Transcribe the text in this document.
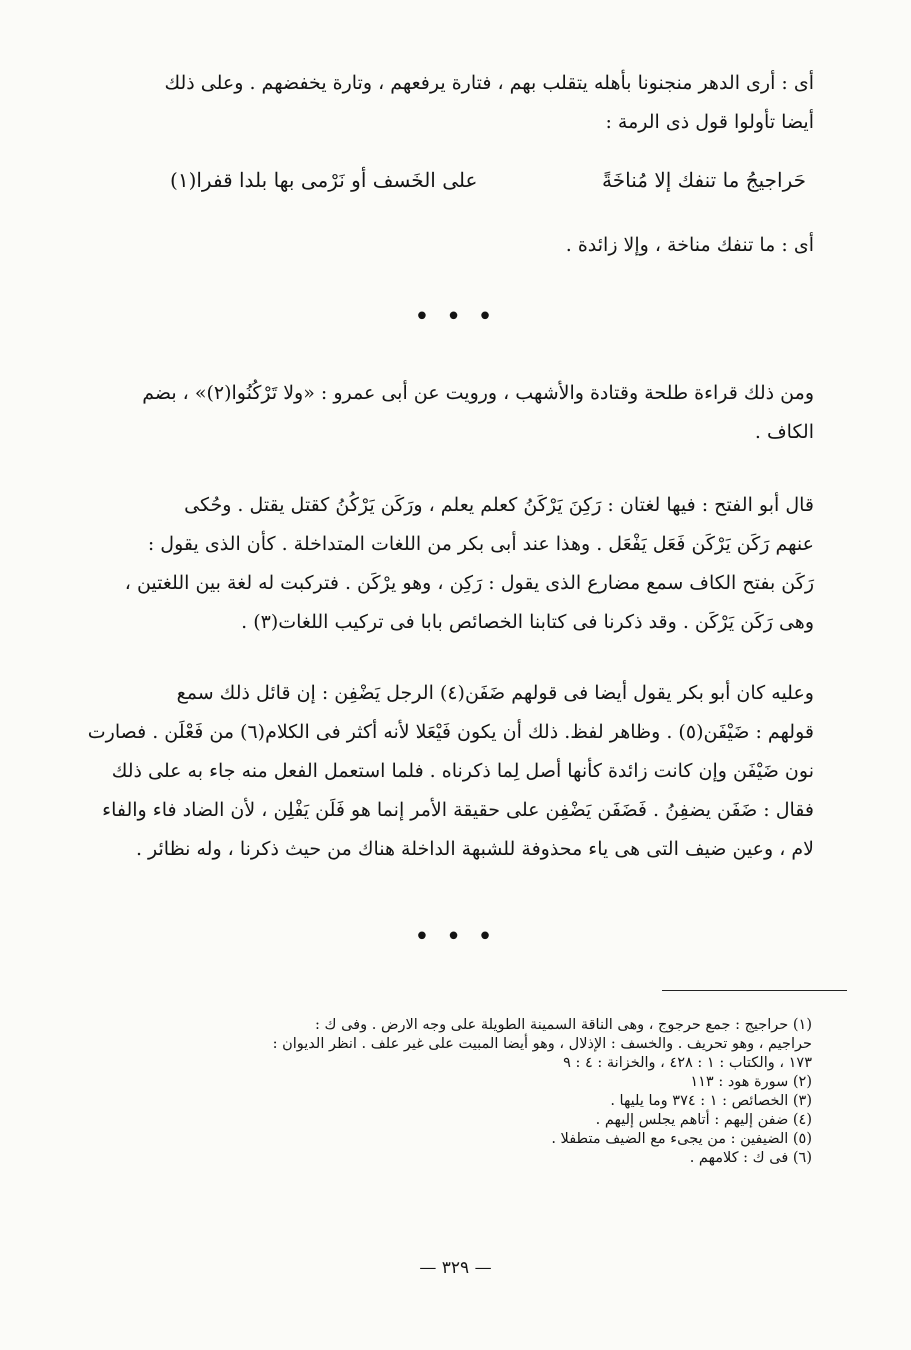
أى : أرى الدهر منجنونا بأهله يتقلب بهم ، فتارة يرفعهم ، وتارة يخفضهم . وعلى ذلك
أيضا تأولوا قول ذى الرمة :
حَراجيجُ ما تنفك إلا مُناخَةً
على الخَسف أو نَرْمى بها بلدا قفرا(١)
أى : ما تنفك مناخة ، وإلا زائدة .
• • •
ومن ذلك قراءة طلحة وقتادة والأشهب ، ورويت عن أبى عمرو : «ولا تَرْكُنُوا(٢)» ، بضم
الكاف .
قال أبو الفتح : فيها لغتان : رَكِنَ يَرْكَنُ كعلم يعلم ، ورَكَن يَرْكُنُ كقتل يقتل . وحُكى
عنهم رَكَن يَرْكَن فَعَل يَفْعَل . وهذا عند أبى بكر من اللغات المتداخلة . كأن الذى يقول :
رَكَن بفتح الكاف سمع مضارع الذى يقول : رَكِن ، وهو يرْكَن . فتركبت له لغة بين اللغتين ،
وهى رَكَن يَرْكَن . وقد ذكرنا فى كتابنا الخصائص بابا فى تركيب اللغات(٣) .
وعليه كان أبو بكر يقول أيضا فى قولهم ضَفَن(٤) الرجل يَضْفِن : إن قائل ذلك سمع
قولهم : ضَيْفَن(٥) . وظاهر لفظ. ذلك أن يكون فَيْعَلا لأنه أكثر فى الكلام(٦) من فَعْلَن . فصارت
نون ضَيْفَن وإن كانت زائدة كأنها أصل لِما ذكرناه . فلما استعمل الفعل منه جاء به على ذلك
فقال : ضَفَن يضفِنُ . فَضَفَن يَضْفِن على حقيقة الأمر إنما هو فَلَن يَفْلِن ، لأن الضاد فاء والفاء
لام ، وعين ضيف التى هى ياء محذوفة للشبهة الداخلة هناك من حيث ذكرنا ، وله نظائر .
• • •
(١) حراجيج : جمع حرجوج ، وهى الناقة السمينة الطويلة على وجه الارض . وفى ك :
حراجيم ، وهو تحريف . والخسف : الإذلال ، وهو أيضا المبيت على غير علف . انظر الديوان :
١٧٣ ، والكتاب : ١ : ٤٢٨ ، والخزانة : ٤ : ٩
(٢) سورة هود : ١١٣
(٣) الخصائص : ١ : ٣٧٤ وما يليها .
(٤) ضفن إليهم : أتاهم يجلس إليهم .
(٥) الضيفين : من يجىء مع الضيف متطفلا .
(٦) فى ك : كلامهم .
— ٣٢٩ —
